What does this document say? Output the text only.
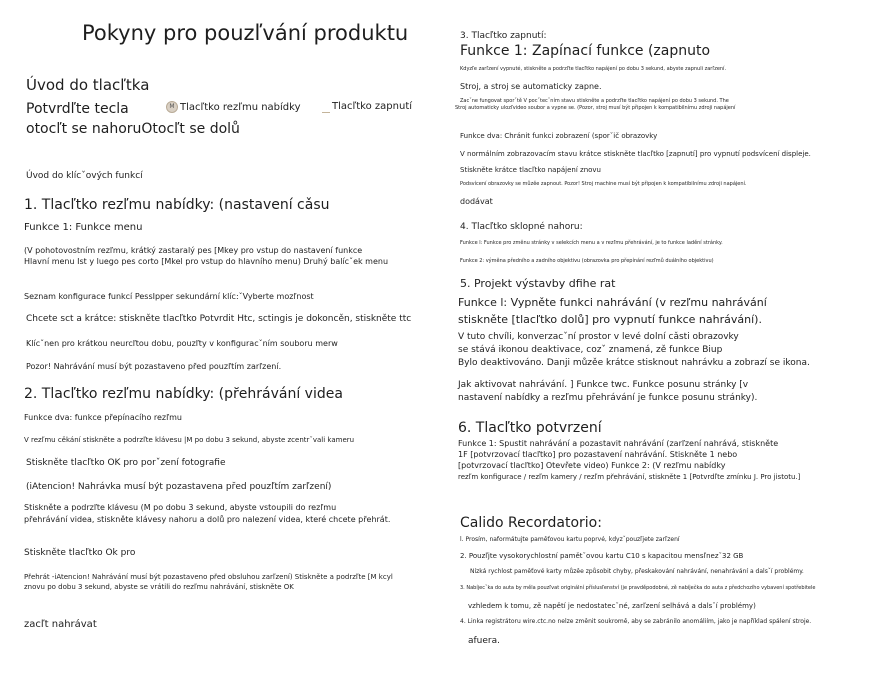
Pokyny pro pouzľvání produktu
Úvod do tlacľtka
Potvrdľte tecla	M Tlacľtko rezľmu nabídky	Tlacľtko zapnutí
otocľt se nahoruOtocľt se dolů
Úvod do klícˇových funkcí
1. Tlacľtko rezľmu nabídky: (nastavení cǎsu
Funkce 1: Funkce menu
(V pohotovostním rezľmu, krátký zastaralý pes [Mkey pro vstup do nastavení funkce
Hlavní menu Ist y luego pes corto [Mkel pro vstup do hlavního menu) Druhý balícˇek menu
Seznam konfigurace funkcí PessIpper sekundární klíc:ˇVyberte mozľnost
Chcete sct a krátce: stiskněte tlacľtko Potvrdit Htc, sctingis je dokoncěn, stiskněte ttc
Klícˇnen pro krátkou neurcľtou dobu, pouzľty v konfiguracˇním souboru merw
Pozor! Nahrávání musí být pozastaveno pr̆ed pouzľtím zarľzení.
2. Tlacľtko rezľmu nabídky: (pr̆ehrávání videa
Funkce dva: funkce pr̆epínacího rezľmu
V rezľmu cěkání stiskněte a podrzľte klávesu |M po dobu 3 sekund, abyste zcentrˇvali kameru
Stiskněte tlacľtko OK pro porˇzení fotografie
(iAtencion! Nahrávka musí být pozastavena pr̆ed pouzľtím zarľzení)
Stiskněte a podrzľte klávesu (M po dobu 3 sekund, abyste vstoupili do rezľmu
pr̆ehrávání videa, stiskněte klávesy nahoru a dolů pro nalezení videa, které chcete pr̆ehrát.
Stiskněte tlacľtko Ok pro
Pr̆ehrát -iAtencion! Nahrávání musí být pozastaveno pr̆ed obsluhou zarľzení) Stiskněte a podrzľte [M kcyl
znovu po dobu 3 sekund, abyste se vrátili do rezľmu nahrávání, stiskněte OK
zacľt nahrávat
3. Tlacľtko zapnutí:
Funkce 1: Zapínací funkce (zapnuto
Kdyzľe zarľzení vypnuté, stiskněte a podrzľte tlacľtko napájení po dobu 3 sekund, abyste zapnuli zarľzení.
Stroj, a stroj se automaticky zapne.
Zacˇne fungovat sporˇtě V pocˇtecˇním stavu stiskněte a podrzľte tlacľtko napájení po dobu 3 sekund. The
Stroj automaticky ulozľvideo soubor a vypne se. (Pozor, stroj musí být pr̆ipojen k kompatibilnímu zdroji napájení
Funkce dva: Chránit funkci zobrazení (sporˇič obrazovky
V normálním zobrazovacím stavu krátce stiskněte tlacľtko [zapnutí] pro vypnutí podsvícení displeje.
Stiskněte krátce tlacľtko napájení znovu
Podsvícení obrazovky se můzěe zapnout. Pozor! Stroj rnachine musí být pr̆ipojen k kompatibilnímu zdroji napájení.
dodávat
4. Tlacľtko sklopné nahoru:
Funkce l: Funkce pro změnu stránky v selekcích menu a v rezľmu pr̆ehrávání, je to funkce ladění stránky.
Funkce 2: výměna pr̆edního a zadního objektivu (obrazovka pro pr̆epínání rezľmů duálního objektivu)
5. Projekt výstavby dfihe rat
Funkce l: Vypněte funkci nahrávání (v rezľmu nahrávání
stiskněte [tlacľtko dolů] pro vypnutí funkce nahrávání).
V tuto chvíli, konverzacˇní prostor v levé dolní cǎsti obrazovky
se stává ikonou deaktivace, cozˇ znamená, zě funkce Biup
Bylo deaktivováno. Danji můzěe krátce stisknout nahrávku a zobrazí se ikona.
Jak aktivovat nahrávání. ] Funkce twc. Funkce posunu stránky [v
nastavení nabídky a rezľmu pr̆ehrávání je funkce posunu stránky).
6. Tlacľtko potvrzení
Funkce 1: Spustit nahrávání a pozastavit nahrávání (zarľzení nahrává, stiskněte
1F [potvrzovací tlacľtko] pro pozastavení nahrávání. Stiskněte 1 nebo
[potvrzovací tlacľtko] Otevřete video) Funkce 2: (V rezľmu nabídky
rezľm konfigurace / rezľm kamery / rezľm pr̆ehrávání, stiskněte 1 [Potvrdľte zmínku J. Pro jistotu.]
Calido Recordatorio:
l. Prosím, naformátujte paměťovou kartu poprvé, kdyzˇpouzľjete zarľzení
2. Pouzľjte vysokorychlostní pamětˇovou kartu C10 s kapacitou mensľnezˇ32 GB
Nízká rychlost paměťové karty můzěe způsobit chyby, pr̆eskakování nahrávání, nenahrávání a dalsˇí problémy.
3. Nabíjecˇka do auta by měla pouzľvat originální pr̆íslusľenství (je pravděpodobné, zě nabíječka do auta z pr̆edchozího vybavení spotr̆ebitele
vzhledem k tomu, zě napětí je nedostatecˇné, zarľzení selhává a dalsˇí problémy)
4. Linka registrátoru wire.ctc.no nelze změnit soukromě, aby se zabránilo anomáliím, jako je napr̆íklad spálení stroje.
afuera.
